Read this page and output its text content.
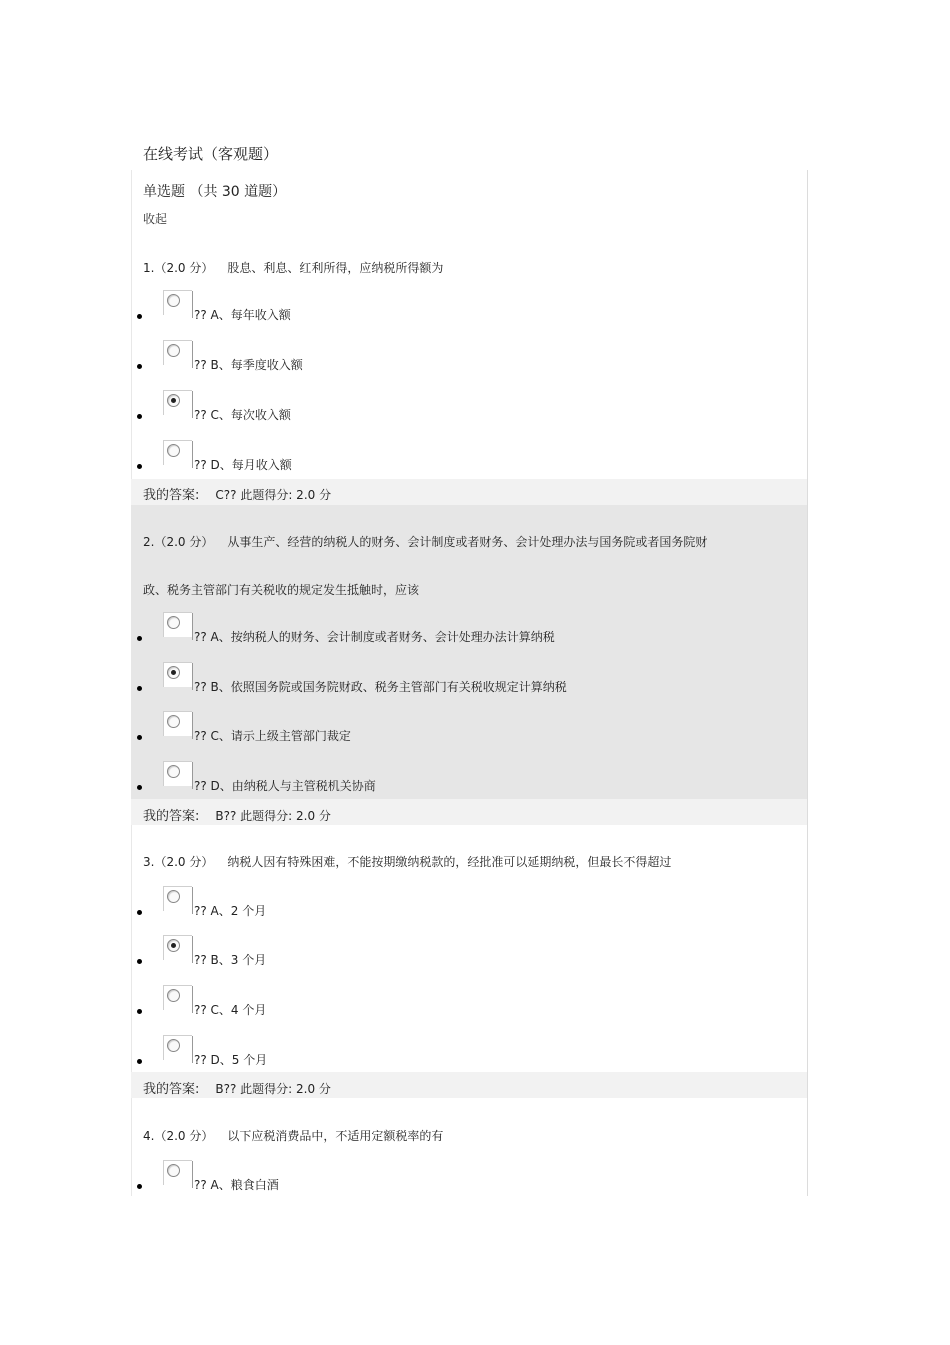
在线考试（客观题）
单选题 （共 30 道题）
收起
1.（2.0 分） 股息、利息、红利所得，应纳税所得额为
?? A、每年收入额
?? B、每季度收入额
?? C、每次收入额
?? D、每月收入额
我的答案: C?? 此题得分: 2.0 分
2.（2.0 分） 从事生产、经营的纳税人的财务、会计制度或者财务、会计处理办法与国务院或者国务院财
政、税务主管部门有关税收的规定发生抵触时，应该
?? A、按纳税人的财务、会计制度或者财务、会计处理办法计算纳税
?? B、依照国务院或国务院财政、税务主管部门有关税收规定计算纳税
?? C、请示上级主管部门裁定
?? D、由纳税人与主管税机关协商
我的答案: B?? 此题得分: 2.0 分
3.（2.0 分） 纳税人因有特殊困难，不能按期缴纳税款的，经批准可以延期纳税，但最长不得超过
?? A、2 个月
?? B、3 个月
?? C、4 个月
?? D、5 个月
我的答案: B?? 此题得分: 2.0 分
4.（2.0 分） 以下应税消费品中，不适用定额税率的有
?? A、粮食白酒
